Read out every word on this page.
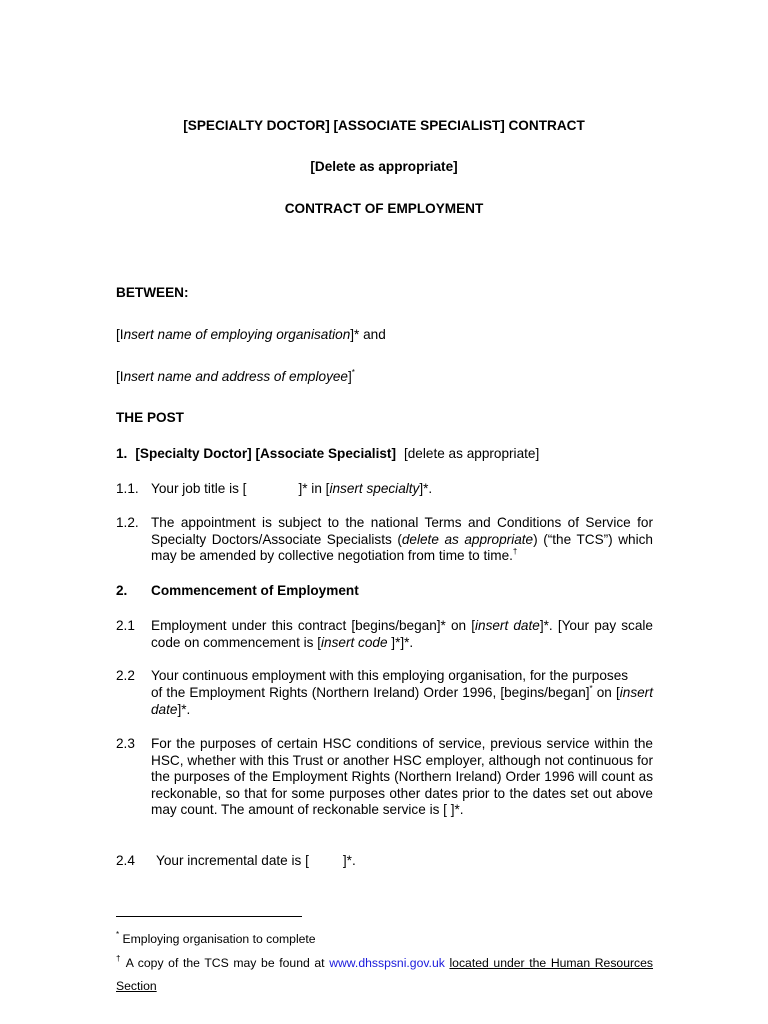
[SPECIALTY DOCTOR] [ASSOCIATE SPECIALIST] CONTRACT
[Delete as appropriate]
CONTRACT OF EMPLOYMENT
BETWEEN:
[Insert name of employing organisation]* and
[Insert name and address of employee]*
THE POST
1. [Specialty Doctor] [Associate Specialist] [delete as appropriate]
1.1. Your job title is [	]* in [insert specialty]*.
1.2. The appointment is subject to the national Terms and Conditions of Service for Specialty Doctors/Associate Specialists (delete as appropriate) (“the TCS”) which may be amended by collective negotiation from time to time.†
2. Commencement of Employment
2.1 Employment under this contract [begins/began]* on [insert date]*. [Your pay scale code on commencement is [insert code ]*]*.
2.2 Your continuous employment with this employing organisation, for the purposes
of the Employment Rights (Northern Ireland) Order 1996, [begins/began]* on [insert date]*.
2.3 For the purposes of certain HSC conditions of service, previous service within the HSC, whether with this Trust or another HSC employer, although not continuous for the purposes of the Employment Rights (Northern Ireland) Order 1996 will count as reckonable, so that for some purposes other dates prior to the dates set out above may count. The amount of reckonable service is [ ]*.
2.4 Your incremental date is [	]*.
* Employing organisation to complete
† A copy of the TCS may be found at www.dhsspsni.gov.uk located under the Human Resources Section
